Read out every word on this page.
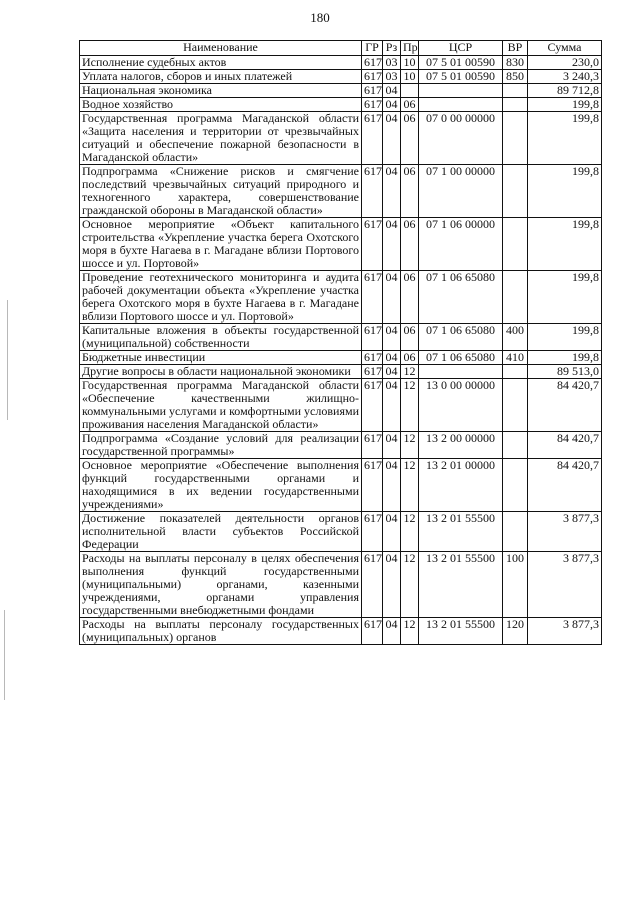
180
Наименование	ГР	Рз	Пр	ЦСР	ВР	Сумма
Исполнение судебных актов	617	03	10	07 5 01 00590	830	230,0
Уплата налогов, сборов и иных платежей	617	03	10	07 5 01 00590	850	3 240,3
Национальная экономика	617	04				89 712,8
Водное хозяйство	617	04	06			199,8
Государственная программа Магаданской области «Защита населения и территории от чрезвычайных ситуаций и обеспечение пожарной безопасности в Магаданской области»	617	04	06	07 0 00 00000		199,8
Подпрограмма «Снижение рисков и смягчение последствий чрезвычайных ситуаций природного и техногенного характера, совершенствование гражданской обороны в Магаданской области»	617	04	06	07 1 00 00000		199,8
Основное мероприятие «Объект капитального строительства «Укрепление участка берега Охотского моря в бухте Нагаева в г. Магадане вблизи Портового шоссе и ул. Портовой»	617	04	06	07 1 06 00000		199,8
Проведение геотехнического мониторинга и аудита рабочей документации объекта «Укрепление участка берега Охотского моря в бухте Нагаева в г. Магадане вблизи Портового шоссе и ул. Портовой»	617	04	06	07 1 06 65080		199,8
Капитальные вложения в объекты государственной (муниципальной) собственности	617	04	06	07 1 06 65080	400	199,8
Бюджетные инвестиции	617	04	06	07 1 06 65080	410	199,8
Другие вопросы в области национальной экономики	617	04	12			89 513,0
Государственная программа Магаданской области «Обеспечение качественными жилищно-коммунальными услугами и комфортными условиями проживания населения Магаданской области»	617	04	12	13 0 00 00000		84 420,7
Подпрограмма «Создание условий для реализации государственной программы»	617	04	12	13 2 00 00000		84 420,7
Основное мероприятие «Обеспечение выполнения функций государственными органами и находящимися в их ведении государственными учреждениями»	617	04	12	13 2 01 00000		84 420,7
Достижение показателей деятельности органов исполнительной власти субъектов Российской Федерации	617	04	12	13 2 01 55500		3 877,3
Расходы на выплаты персоналу в целях обеспечения выполнения функций государственными (муниципальными) органами, казенными учреждениями, органами управления государственными внебюджетными фондами	617	04	12	13 2 01 55500	100	3 877,3
Расходы на выплаты персоналу государственных (муниципальных) органов	617	04	12	13 2 01 55500	120	3 877,3
